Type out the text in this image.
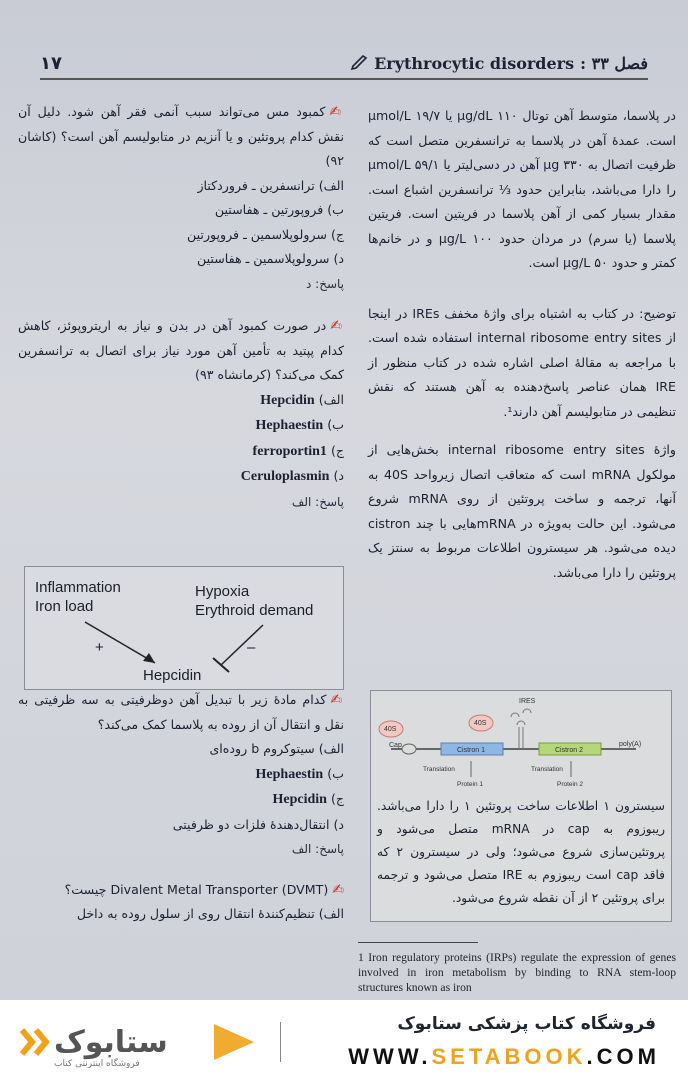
۱۷	فصل ۳۳ :
Erythrocytic disorders

در پلاسما، متوسط آهن توتال ۱۱۰ μg/dL یا ۱۹/۷ μmol/L است. عمدهٔ آهن در پلاسما به ترانسفرین متصل است که ظرفیت اتصال به ۳۳۰ μg آهن در دسی‌لیتر یا ۵۹/۱ μmol/L را دارا می‌باشد، بنابراین حدود ⅓ ترانسفرین اشباع است. مقدار بسیار کمی از آهن پلاسما در فریتین است. فریتین پلاسما (یا سرم) در مردان حدود ۱۰۰ μg/L و در خانم‌ها کمتر و حدود ۵۰ μg/L است.

توضیح: در کتاب به اشتباه برای واژهٔ مخفف IREs در اینجا از internal ribosome entry sites استفاده شده است. با مراجعه به مقالهٔ اصلی اشاره شده در کتاب منظور از IRE همان عناصر پاسخ‌دهنده به آهن هستند که نقش تنظیمی در متابولیسم آهن دارند¹.

واژهٔ internal ribosome entry sites بخش‌هایی از مولکول mRNA است که متعاقب اتصال زیرواحد 40S به آنها، ترجمه و ساخت پروتئین از روی mRNA شروع می‌شود. این حالت به‌ویژه در mRNAهایی با چند cistron دیده می‌شود. هر سیسترون اطلاعات مربوط به سنتز یک پروتئین را دارا می‌باشد.

IRES
40S
40S
Cap
Cistron 1	Cistron 2
poly(A)
Translation	Translation
Protein 1	Protein 2
سیسترون ۱ اطلاعات ساخت پروتئین ۱ را دارا می‌باشد. ریبوزوم به cap در mRNA متصل می‌شود و پروتئین‌سازی شروع می‌شود؛ ولی در سیسترون ۲ که فاقد cap است ریبوزوم به IRE متصل می‌شود و ترجمه برای پروتئین ۲ از آن نقطه شروع می‌شود.
1 Iron regulatory proteins (IRPs) regulate the expression of genes involved in iron metabolism by binding to RNA stem-loop structures known as iron

✍کمبود مس می‌تواند سبب آنمی فقر آهن شود. دلیل آن نقش کدام پروتئین و یا آنزیم در متابولیسم آهن است؟ (کاشان ۹۲)

الف) ترانسفرین ـ فروردکتاز

ب) فروپورتین ـ هفاستین

ج) سرولوپلاسمین ـ فروپورتین

د) سرولوپلاسمین ـ هفاستین

پاسخ: د

✍در صورت کمبود آهن در بدن و نیاز به اریتروپوئز، کاهش کدام پپتید به تأمین آهن مورد نیاز برای اتصال به ترانسفرین کمک می‌کند؟ (کرمانشاه ۹۳)

الف) Hepcidin

ب) Hephaestin

ج) ferroportin1

د) Ceruloplasmin

پاسخ: الف

✍کدام مادهٔ زیر با تبدیل آهن دوظرفیتی به سه ظرفیتی به نقل و انتقال آن از روده به پلاسما کمک می‌کند؟

الف) سیتوکروم b روده‌ای

ب) Hephaestin

ج) Hepcidin

د) انتقال‌دهندهٔ فلزات دو ظرفیتی

پاسخ: الف

✍Divalent Metal Transporter (DVMT) چیست؟

الف) تنظیم‌کنندهٔ انتقال روی از سلول روده به داخل

Inflammation
Iron load
Hypoxia
Erythroid demand
Hepcidin
+	–
ستابوک
فروشگاه اینترنتی کتاب
فروشگاه کتاب پزشکی ستابوک
WWW.SETABOOK.COM
